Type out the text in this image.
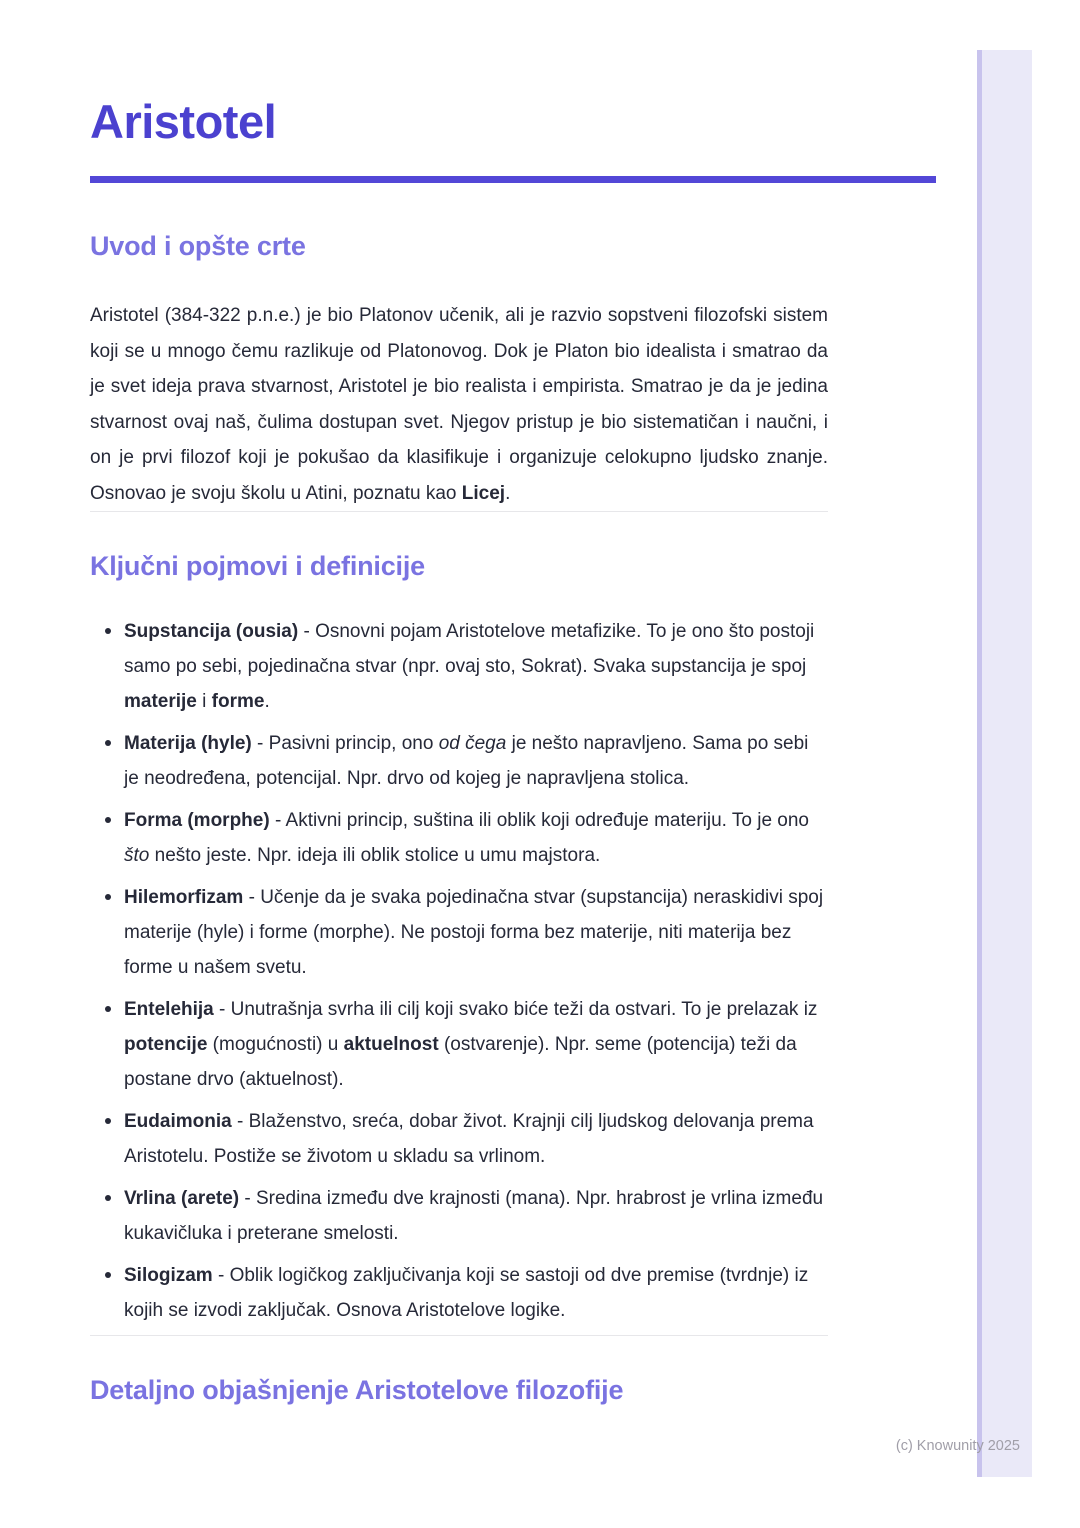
Aristotel
Uvod i opšte crte

Aristotel (384-322 p.n.e.) je bio Platonov učenik, ali je razvio sopstveni filozofski sistem koji se u mnogo čemu razlikuje od Platonovog. Dok je Platon bio idealista i smatrao da je svet ideja prava stvarnost, Aristotel je bio realista i empirista. Smatrao je da je jedina stvarnost ovaj naš, čulima dostupan svet. Njegov pristup je bio sistematičan i naučni, i on je prvi filozof koji je pokušao da klasifikuje i organizuje celokupno ljudsko znanje. Osnovao je svoju školu u Atini, poznatu kao Licej.

Ključni pojmovi i definicije
Supstancija (ousia) - Osnovni pojam Aristotelove metafizike. To je ono što postoji samo po sebi, pojedinačna stvar (npr. ovaj sto, Sokrat). Svaka supstancija je spoj materije i forme.
Materija (hyle) - Pasivni princip, ono od čega je nešto napravljeno. Sama po sebi je neodređena, potencijal. Npr. drvo od kojeg je napravljena stolica.
Forma (morphe) - Aktivni princip, suština ili oblik koji određuje materiju. To je ono što nešto jeste. Npr. ideja ili oblik stolice u umu majstora.
Hilemorfizam - Učenje da je svaka pojedinačna stvar (supstancija) neraskidivi spoj materije (hyle) i forme (morphe). Ne postoji forma bez materije, niti materija bez forme u našem svetu.
Entelehija - Unutrašnja svrha ili cilj koji svako biće teži da ostvari. To je prelazak iz potencije (mogućnosti) u aktuelnost (ostvarenje). Npr. seme (potencija) teži da postane drvo (aktuelnost).
Eudaimonia - Blaženstvo, sreća, dobar život. Krajnji cilj ljudskog delovanja prema Aristotelu. Postiže se životom u skladu sa vrlinom.
Vrlina (arete) - Sredina između dve krajnosti (mana). Npr. hrabrost je vrlina između kukavičluka i preterane smelosti.
Silogizam - Oblik logičkog zaključivanja koji se sastoji od dve premise (tvrdnje) iz kojih se izvodi zaključak. Osnova Aristotelove logike.
Detaljno objašnjenje Aristotelove filozofije
(c) Knowunity 2025
